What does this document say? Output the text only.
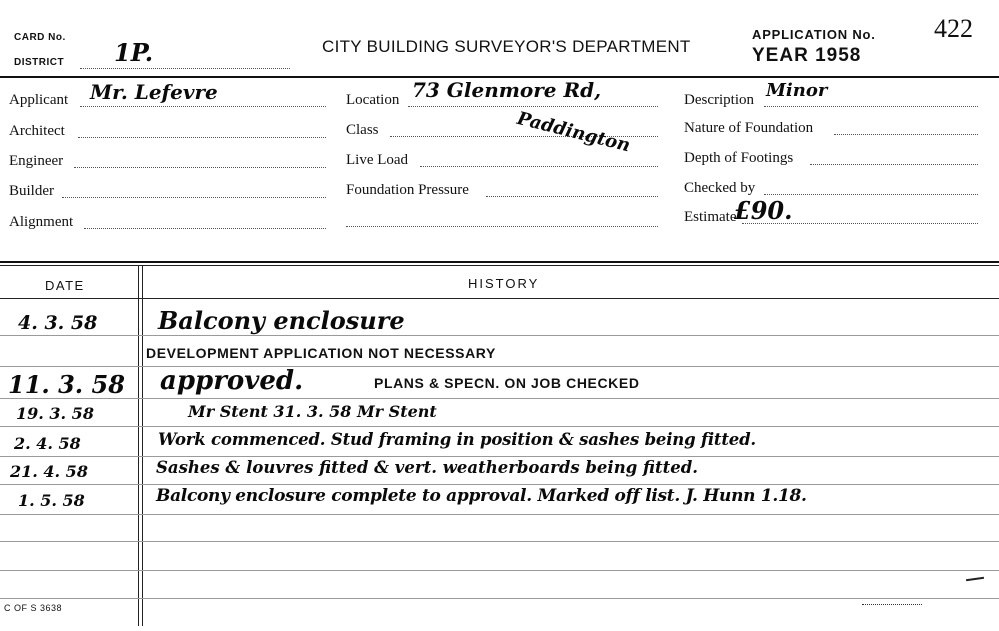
CARD No.
DISTRICT 1P.	CITY BUILDING SURVEYOR'S DEPARTMENT
APPLICATION No.
YEAR 1958
422
Applicant Mr. Lefevre
Architect
Engineer
Builder
Alignment
Location 73 Glenmore Rd,
Class	Paddington
Live Load
Foundation Pressure
Description Minor
Nature of Foundation
Depth of Footings
Checked by
Estimate
£90.
DATE	HISTORY
4. 3. 58	Balcony enclosure
DEVELOPMENT APPLICATION NOT NECESSARY
11. 3. 58 approved.	PLANS & SPECN. ON JOB CHECKED
19. 3. 58	Mr Stent 31. 3. 58 Mr Stent
2. 4. 58	Work commenced. Stud framing in position & sashes being fitted.
21. 4. 58	Sashes & louvres fitted & vert. weatherboards being fitted.
1. 5. 58	Balcony enclosure complete to approval. Marked off list. J. Hunn 1.18.
C OF S 3638
